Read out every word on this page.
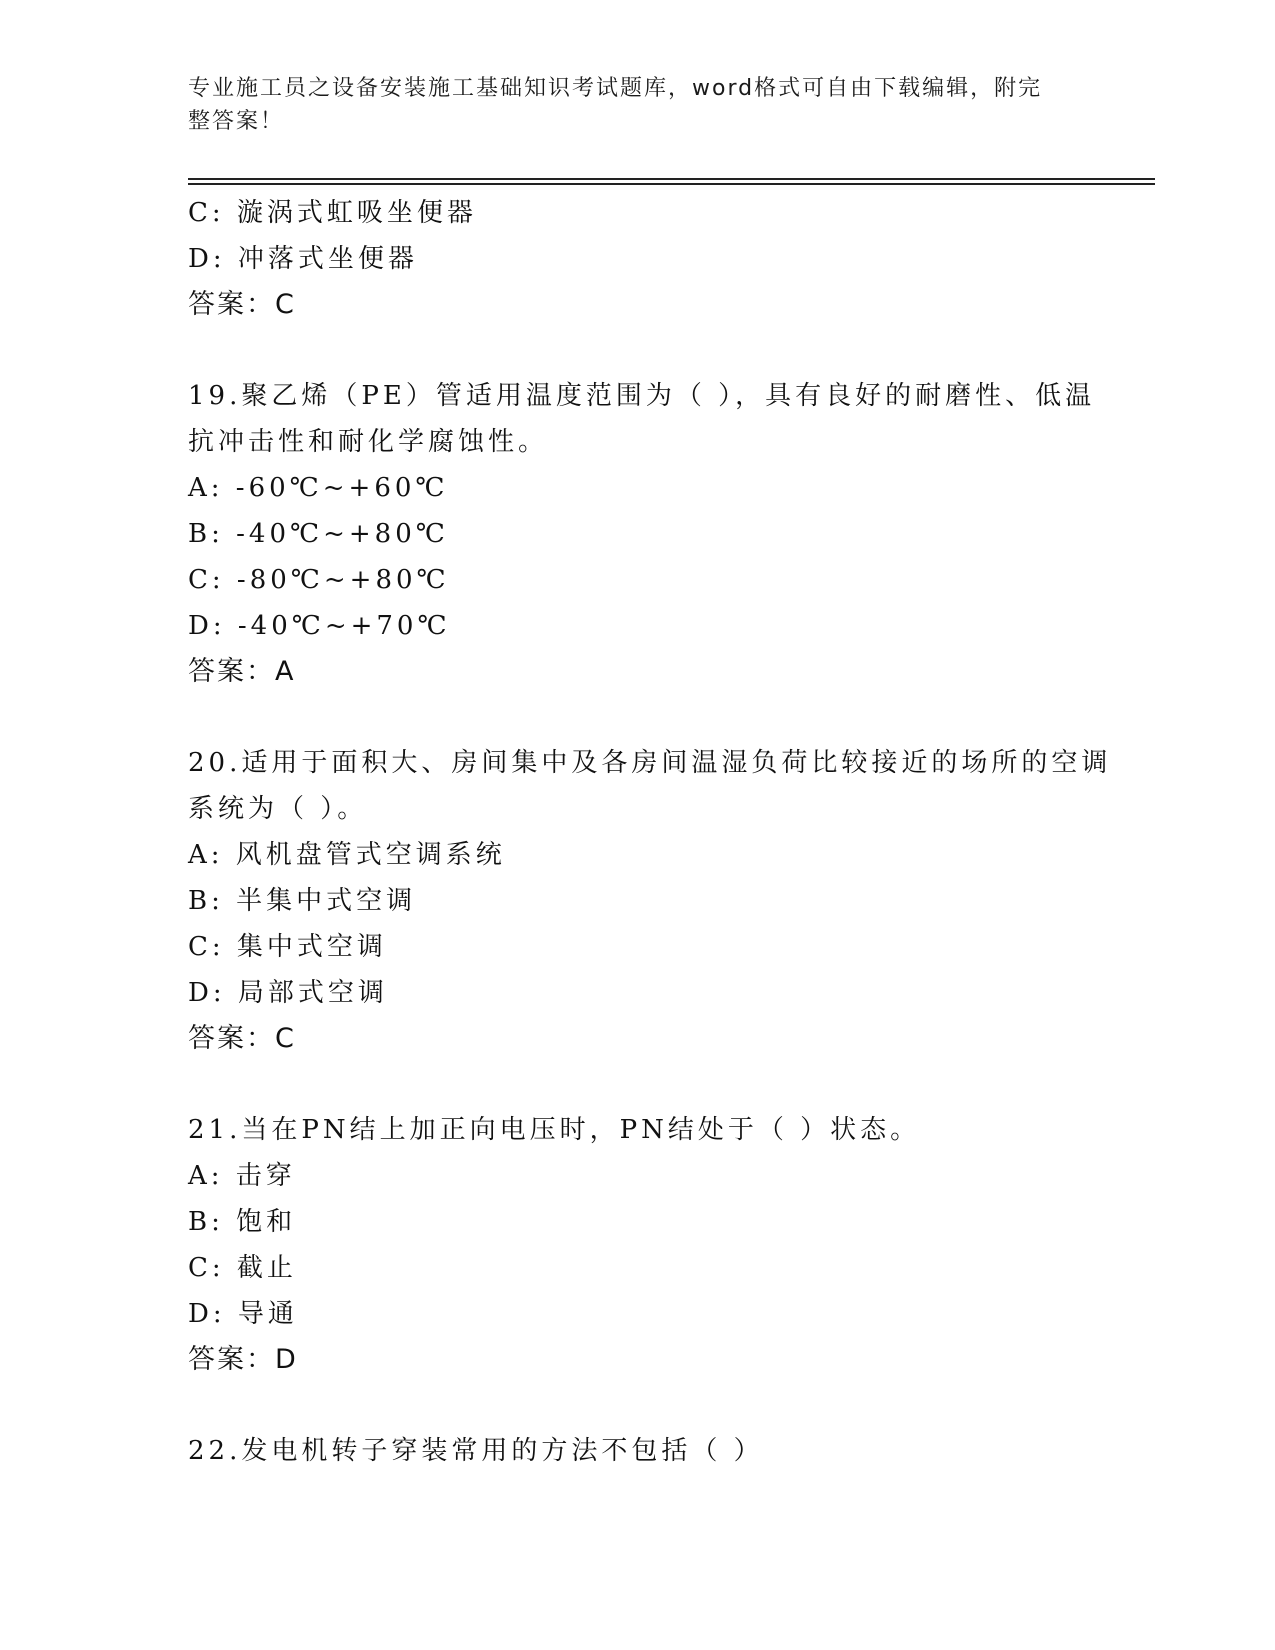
专业施工员之设备安装施工基础知识考试题库，word格式可自由下载编辑，附完
整答案！
C: 漩涡式虹吸坐便器
D: 冲落式坐便器
答案：C
19.聚乙烯（PE）管适用温度范围为（ ），具有良好的耐磨性、低温
抗冲击性和耐化学腐蚀性。
A: -60℃~+60℃
B: -40℃~+80℃
C: -80℃~+80℃
D: -40℃~+70℃
答案：A
20.适用于面积大、房间集中及各房间温湿负荷比较接近的场所的空调
系统为（ ）。
A: 风机盘管式空调系统
B: 半集中式空调
C: 集中式空调
D: 局部式空调
答案：C
21.当在PN结上加正向电压时，PN结处于（ ）状态。
A: 击穿
B: 饱和
C: 截止
D: 导通
答案：D
22.发电机转子穿装常用的方法不包括（ ）
